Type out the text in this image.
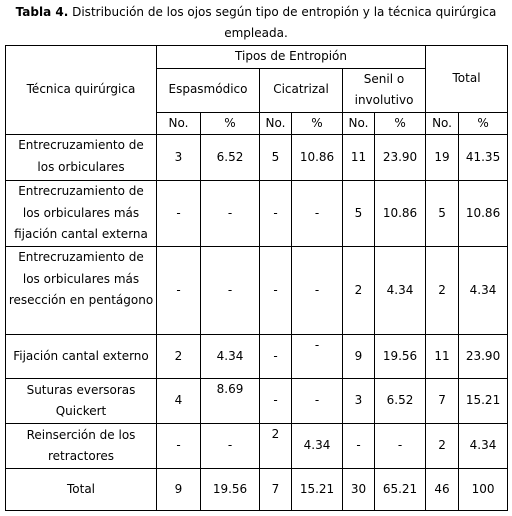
Tabla 4. Distribución de los ojos según tipo de entropión y la técnica quirúrgica empleada.
Técnica quirúrgica	Tipos de Entropión						Total	
	Espasmódico		Cicatrizal		Senil o involutivo			
	No.	%	No.	%	No.	%	No.	%
Entrecruzamiento de los orbiculares	3	6.52	5	10.86	11	23.90	19	41.35
Entrecruzamiento de los orbiculares más fijación cantal externa	-	-	-	-	5	10.86	5	10.86
Entrecruzamiento de los orbiculares más resección en pentágono	-	-	-	-	2	4.34	2	4.34
Fijación cantal externo	2	4.34	-	-	9	19.56	11	23.90
Suturas eversoras Quickert	4	8.69	-	-	3	6.52	7	15.21
Reinserción de los retractores	-	-	2	4.34	-	-	2	4.34
Total	9	19.56	7	15.21	30	65.21	46	100
